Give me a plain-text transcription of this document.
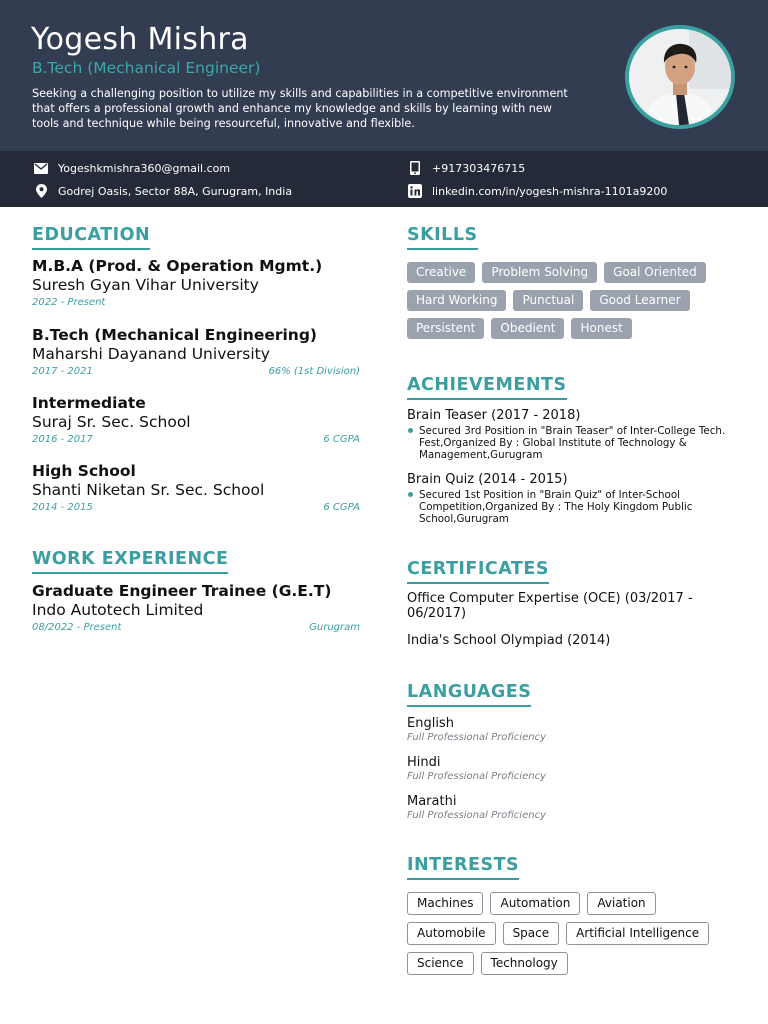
Yogesh Mishra
B.Tech (Mechanical Engineer)
Seeking a challenging position to utilize my skills and capabilities in a competitive environment that offers a professional growth and enhance my knowledge and skills by learning with new tools and technique while being resourceful, innovative and flexible.
Yogeshkmishra360@gmail.com	+917303476715
Godrej Oasis, Sector 88A, Gurugram, India	linkedin.com/in/yogesh-mishra-1101a9200
EDUCATION
M.B.A (Prod. & Operation Mgmt.)
Suresh Gyan Vihar University
2022 - Present
B.Tech (Mechanical Engineering)
Maharshi Dayanand University
2017 - 2021	66% (1st Division)
Intermediate
Suraj Sr. Sec. School
2016 - 2017	6 CGPA
High School
Shanti Niketan Sr. Sec. School
2014 - 2015	6 CGPA
WORK EXPERIENCE
Graduate Engineer Trainee (G.E.T)
Indo Autotech Limited
08/2022 - Present	Gurugram
SKILLS
Creative	Problem Solving	Goal Oriented
Hard Working	Punctual	Good Learner
Persistent	Obedient	Honest
ACHIEVEMENTS
Brain Teaser (2017 - 2018)
Secured 3rd Position in "Brain Teaser" of Inter-College Tech. Fest,Organized By : Global Institute of Technology & Management,Gurugram
Brain Quiz (2014 - 2015)
Secured 1st Position in "Brain Quiz" of Inter-School Competition,Organized By : The Holy Kingdom Public School,Gurugram
CERTIFICATES
Office Computer Expertise (OCE) (03/2017 - 06/2017)
India's School Olympiad (2014)
LANGUAGES
English
Full Professional Proficiency
Hindi
Full Professional Proficiency
Marathi
Full Professional Proficiency
INTERESTS
Machines	Automation	Aviation
Automobile	Space	Artificial Intelligence
Science	Technology
